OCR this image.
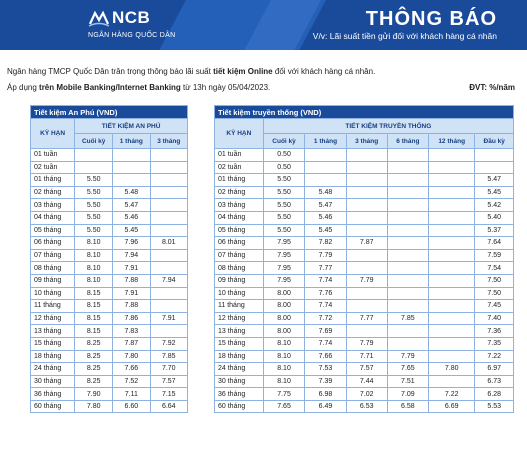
NCB
NGÂN HÀNG QUỐC DÂN
THÔNG BÁO
V/v: Lãi suất tiền gửi đối với khách hàng cá nhân
Ngân hàng TMCP Quốc Dân trân trọng thông báo lãi suất tiết kiệm Online đối với khách hàng cá nhân.
Áp dụng trên Mobile Banking/Internet Banking từ 13h ngày 05/04/2023.	ĐVT: %/năm
Tiết kiệm An Phú (VND)			
KỲ HẠN	TIẾT KIỆM AN PHÚ		
	Cuối kỳ	1 tháng	3 tháng
01 tuần			
02 tuần			
01 tháng	5.50		
02 tháng	5.50	5.48	
03 tháng	5.50	5.47	
04 tháng	5.50	5.46	
05 tháng	5.50	5.45	
06 tháng	8.10	7.96	8.01
07 tháng	8.10	7.94	
08 tháng	8.10	7.91	
09 tháng	8.10	7.88	7.94
10 tháng	8.15	7.91	
11 tháng	8.15	7.88	
12 tháng	8.15	7.86	7.91
13 tháng	8.15	7.83	
15 tháng	8.25	7.87	7.92
18 tháng	8.25	7.80	7.85
24 tháng	8.25	7.66	7.70
30 tháng	8.25	7.52	7.57
36 tháng	7.90	7.11	7.15
60 tháng	7.80	6.60	6.64
Tiết kiệm truyền thống (VND)						
KỲ HẠN	TIẾT KIỆM TRUYỀN THỐNG					
	Cuối kỳ	1 tháng	3 tháng	6 tháng	12 tháng	Đầu kỳ
01 tuần	0.50					
02 tuần	0.50					
01 tháng	5.50					5.47
02 tháng	5.50	5.48				5.45
03 tháng	5.50	5.47				5.42
04 tháng	5.50	5.46				5.40
05 tháng	5.50	5.45				5.37
06 tháng	7.95	7.82	7.87			7.64
07 tháng	7.95	7.79				7.59
08 tháng	7.95	7.77				7.54
09 tháng	7.95	7.74	7.79			7.50
10 tháng	8.00	7.76				7.50
11 tháng	8.00	7.74				7.45
12 tháng	8.00	7.72	7.77	7.85		7.40
13 tháng	8.00	7.69				7.36
15 tháng	8.10	7.74	7.79			7.35
18 tháng	8.10	7.66	7.71	7.79		7.22
24 tháng	8.10	7.53	7.57	7.65	7.80	6.97
30 tháng	8.10	7.39	7.44	7.51		6.73
36 tháng	7.75	6.98	7.02	7.09	7.22	6.28
60 tháng	7.65	6.49	6.53	6.58	6.69	5.53
